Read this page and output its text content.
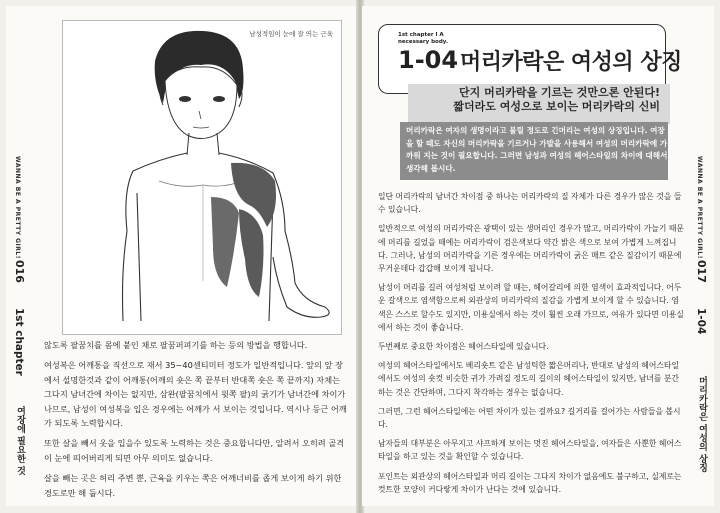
남성적임이 눈에 잘 띄는 근육
WANNA BE A PRETTY GIRL!
016
1st chapter
여장에 필요한 것

않도록 팔꿈치를 몸에 붙인 채로 팔꿈퍼펴기를 하는 등의 방법을 행합니다.

여성복은 어깨통을 직선으로 재서 35~40센티미터 정도가 일반적입니다. 앞의 앞 장에서 설명한것과 같이 어깨통(어깨의 숏은 쪽 끝부터 반대쪽 숏은 쪽 끝까지) 자체는 그다지 남녀간에 차이는 없지만, 삼완(팔꿈치에서 윗쪽 팔)의 굵기가 남녀간에 차이가 나므로, 남성이 여성복을 입은 경우에는 어깨가 서 보이는 것입니다. 역시나 등근 어깨가 되도록 노력합시다.

또한 살을 빼서 옷을 입을수 있도록 노력하는 것은 중요합니다만, 알려서 오히려 골격이 눈에 띄어버리게 되면 아무 의미도 없습니다.

살을 빼는 곳은 허리 주변 뿐, 근육을 키우는 쪽은 어깨너비를 좁게 보이게 하기 위한 경도로만 해 둡시다.

1st chapter I A necessary body.
1-04 머리카락은 여성의 상징
단지 머리카락을 기르는 것만으론 안된다!
짧더라도 여성으로 보이는 머리카락의 신비
머리카락은 여자의 생명이라고 불릴 정도로 긴머리는 여성의 상징입니다. 여장을 할 때도 자신의 머리카락을 기르거나 가발을 사용해서 여성의 머리카락에 가까워 지는 것이 필요합니다. 그러면 남성과 여성의 헤어스타일의 차이에 대해서 생각해 봅시다.

일단 머리카락의 남녀간 차이점 중 하나는 머리카락의 질 자체가 다른 경우가 많은 것을 들수 있습니다.

일반적으로 여성의 머리카락은 광택이 있는 생머리인 경우가 많고, 머리카락이 가늘기 때문에 머리를 길었을 때에는 머리카락이 검은색보다 약간 밝은 색으로 보여 가볍게 느껴집니다. 그러나, 남성의 머리카락을 기른 경우에는 머리카락이 굵은 매트 같은 질감이기 때문에 무거운데다 갑갑해 보이게 됩니다.

남성이 머리를 길러 여성처럼 보이려 할 때는, 헤어갈리에 의한 염색이 효과적입니다. 어두운 갈색으로 염색함으로써 외관상의 머리카락의 질감을 가볍게 보이게 할 수 있습니다. 염색은 스스로 할수도 있지만, 미용실에서 하는 것이 훨씬 오래 가므로, 여유가 있다면 미용실에서 하는 것이 좋습니다.

두번째로 중요한 차이점은 헤어스타일에 있습니다.

여성의 헤어스타일에서도 베리숏트 같은 남성틱한 짧은머리나, 반대로 남성의 헤어스타일에서도 여성의 숏컷 비슷한 귀가 가려질 정도의 길이의 헤어스타일이 있지만, 남녀를 분간하는 것은 간단하며, 그다지 착각하는 경우는 없습니다.

그러면, 그런 헤어스타일에는 어떤 차이가 있는 걸까요? 길거리를 걸어가는 사람들을 봅시다.

남자들의 대부분은 아무지고 샤프하게 보이는 멋진 헤어스타일을, 여자들은 사뿐한 헤어스타일을 하고 있는 것을 확인할 수 있습니다.

포인트는 외관상의 헤어스타일과 머리 길이는 그다지 차이가 없음에도 불구하고, 실제로는 컷트한 모양이 커다랗게 차이가 난다는 것에 있습니다.

WANNA BE A PRETTY GIRL!
017
1-04
머리카락은 여성의 상징
